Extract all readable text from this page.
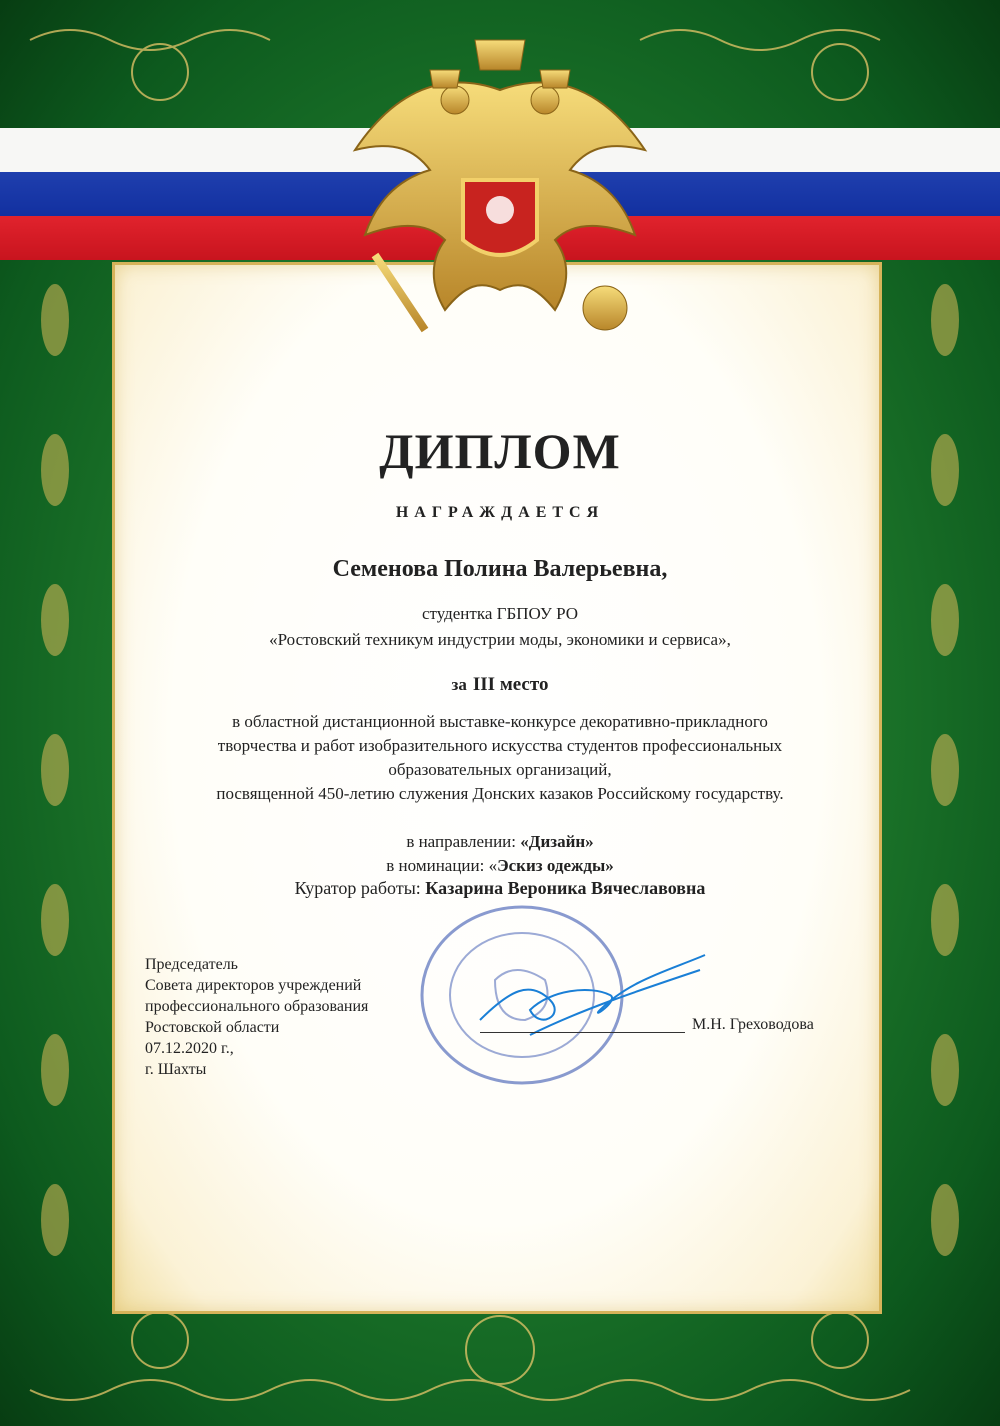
ДИПЛОМ
НАГРАЖДАЕТСЯ
Семенова Полина Валерьевна,
студентка ГБПОУ РО
«Ростовский техникум индустрии моды, экономики и сервиса»,
за III место
в областной дистанционной выставке-конкурсе декоративно-прикладного
творчества и работ изобразительного искусства студентов профессиональных
образовательных организаций,
посвященной 450-летию служения Донских казаков Российскому государству.
в направлении: «Дизайн»
в номинации: «Эскиз одежды»
Куратор работы: Казарина Вероника Вячеславовна
Председатель
Совета директоров учреждений
профессионального образования
Ростовской области
07.12.2020 г.,
г. Шахты
М.Н. Греховодова
